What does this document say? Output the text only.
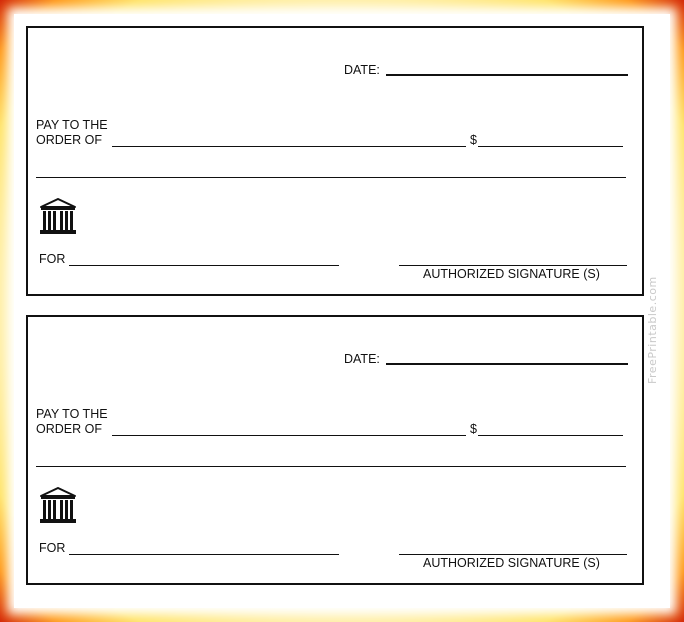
FreePrintable.com
DATE:
PAY TO THE
ORDER OF	$
FOR
AUTHORIZED SIGNATURE (S)
DATE:
PAY TO THE
ORDER OF	$
FOR
AUTHORIZED SIGNATURE (S)
